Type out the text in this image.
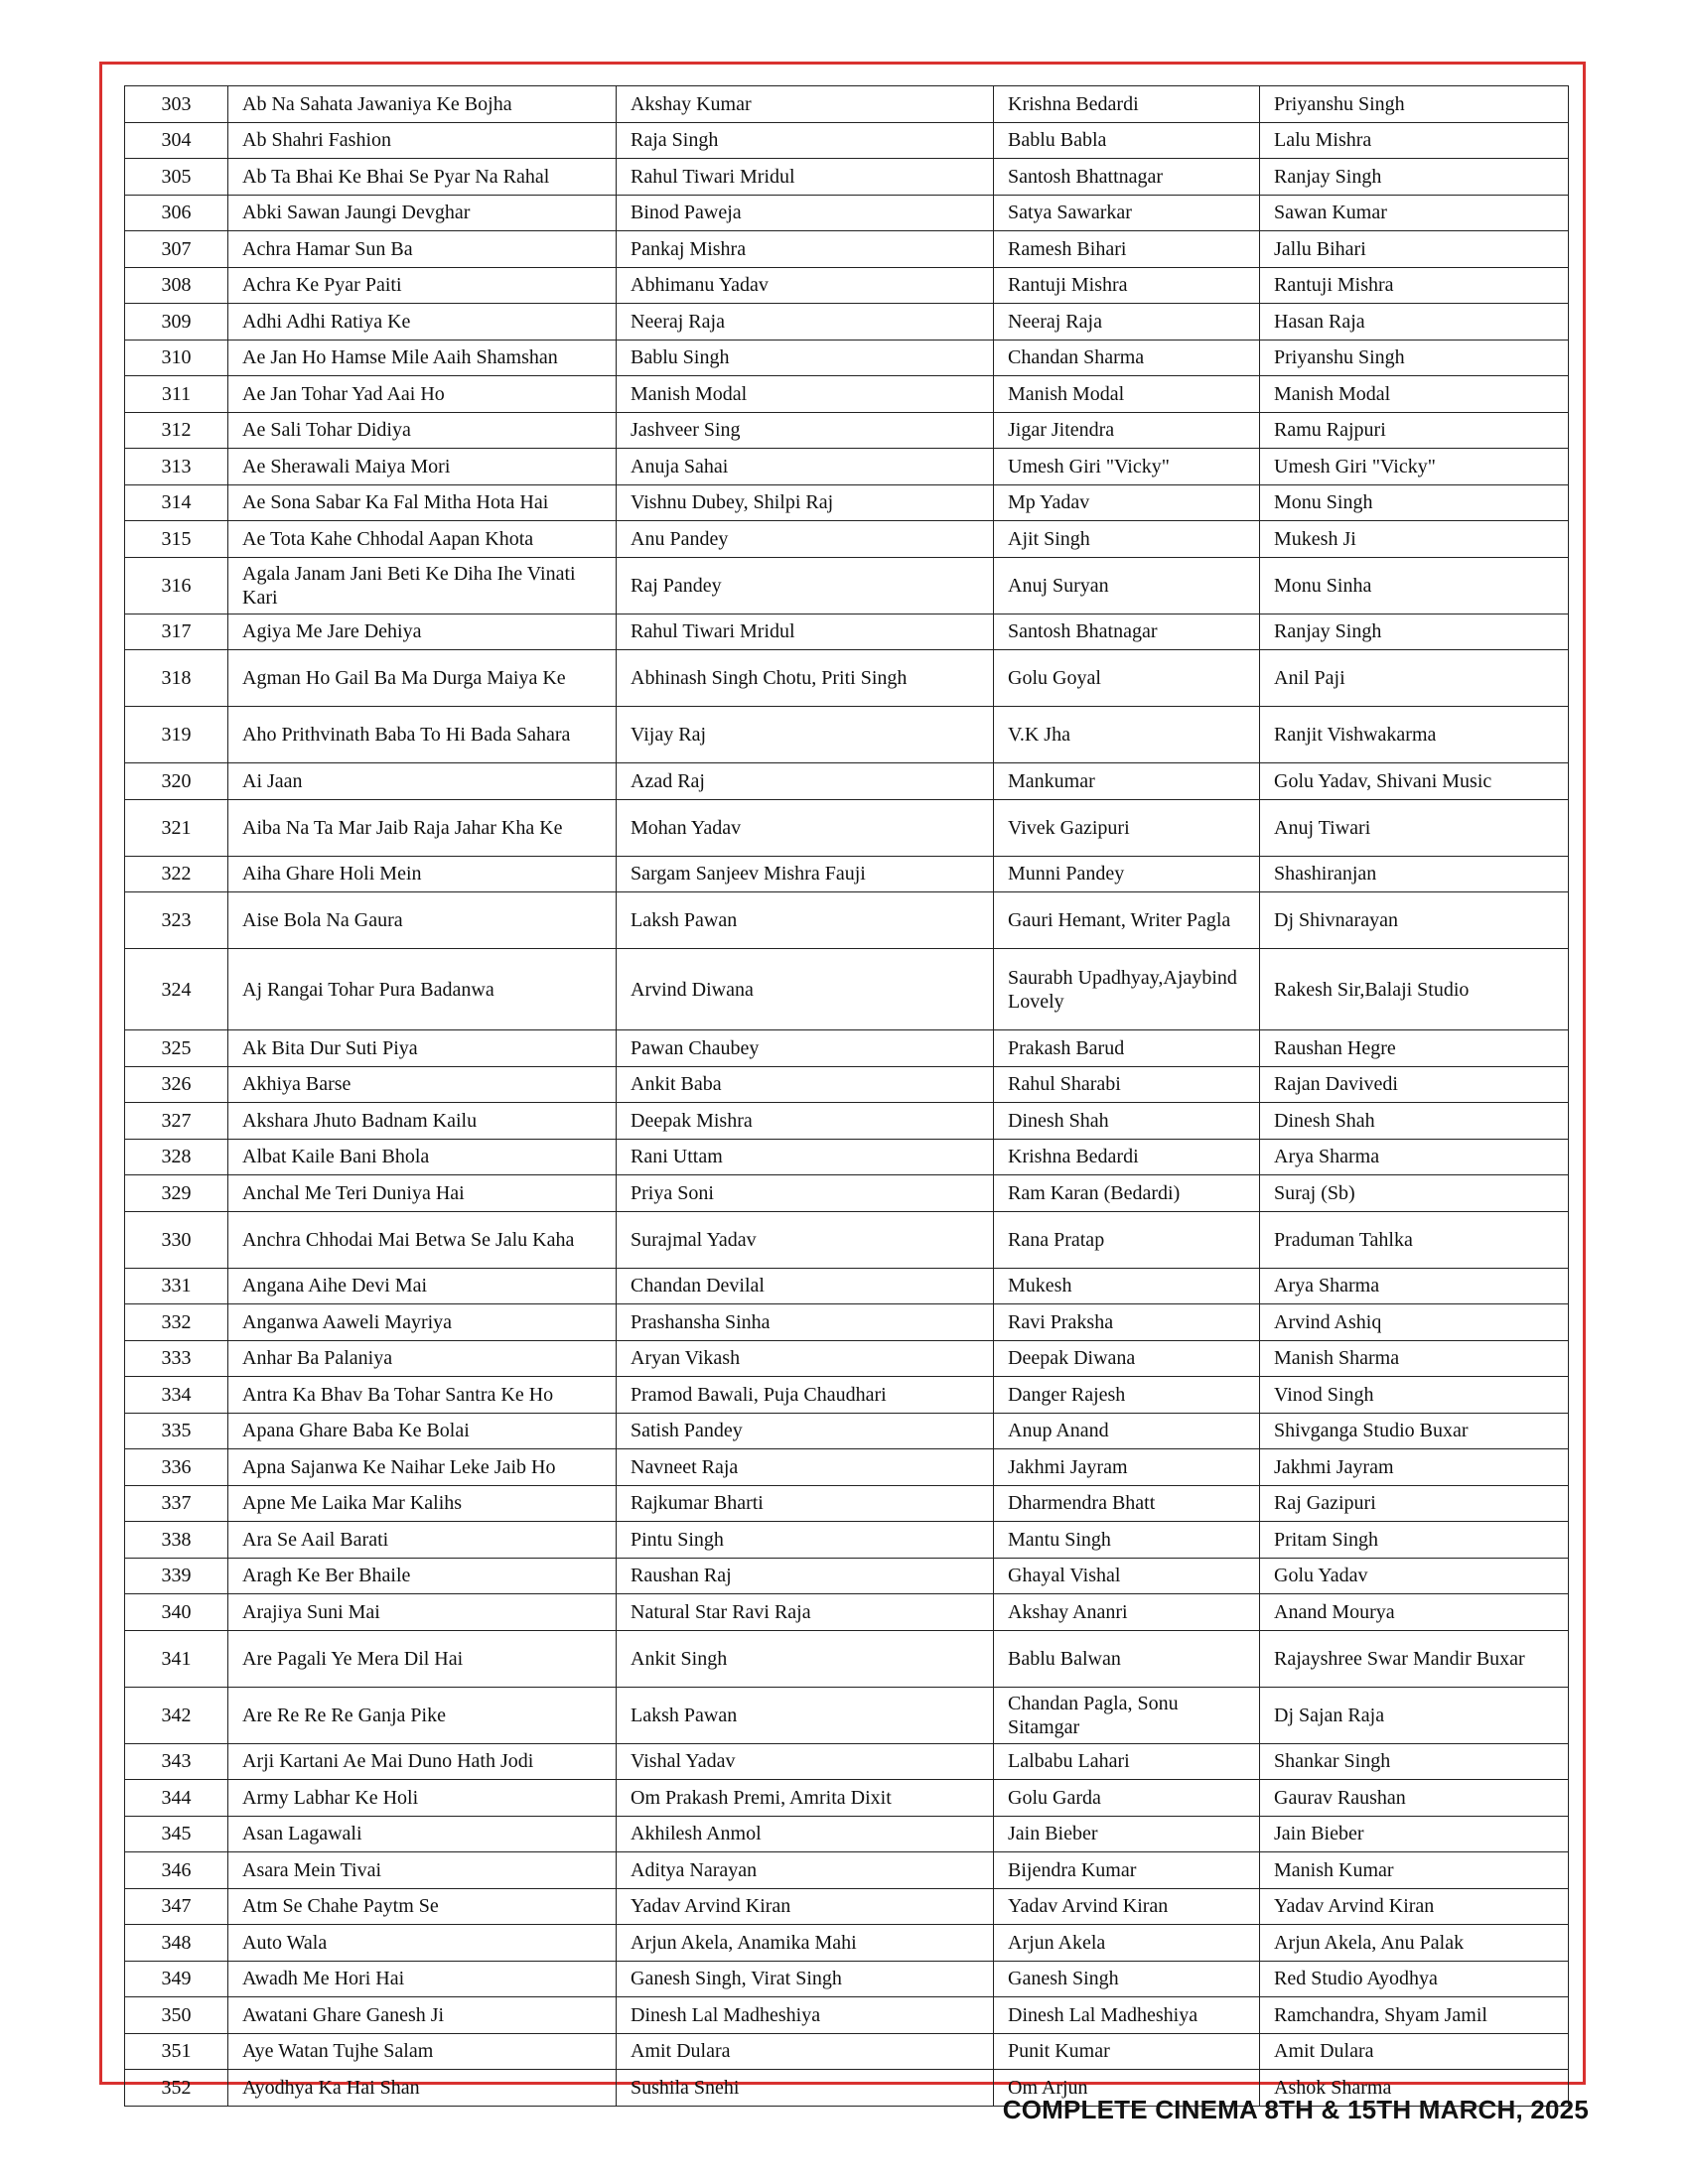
303	Ab Na Sahata Jawaniya Ke Bojha	Akshay Kumar	Krishna Bedardi	Priyanshu Singh
304	Ab Shahri Fashion	Raja Singh	Bablu Babla	Lalu Mishra
305	Ab Ta Bhai Ke Bhai Se Pyar Na Rahal	Rahul Tiwari Mridul	Santosh Bhattnagar	Ranjay Singh
306	Abki Sawan Jaungi Devghar	Binod Paweja	Satya Sawarkar	Sawan Kumar
307	Achra Hamar Sun Ba	Pankaj Mishra	Ramesh Bihari	Jallu Bihari
308	Achra Ke Pyar Paiti	Abhimanu Yadav	Rantuji Mishra	Rantuji Mishra
309	Adhi Adhi Ratiya Ke	Neeraj Raja	Neeraj Raja	Hasan Raja
310	Ae Jan Ho Hamse Mile Aaih Shamshan	Bablu Singh	Chandan Sharma	Priyanshu Singh
311	Ae Jan Tohar Yad Aai Ho	Manish Modal	Manish Modal	Manish Modal
312	Ae Sali Tohar Didiya	Jashveer Sing	Jigar Jitendra	Ramu Rajpuri
313	Ae Sherawali Maiya Mori	Anuja Sahai	Umesh Giri "Vicky"	Umesh Giri "Vicky"
314	Ae Sona Sabar Ka Fal Mitha Hota Hai	Vishnu Dubey, Shilpi Raj	Mp Yadav	Monu Singh
315	Ae Tota Kahe Chhodal Aapan Khota	Anu Pandey	Ajit Singh	Mukesh Ji
316	Agala Janam Jani Beti Ke Diha Ihe Vinati Kari	Raj Pandey	Anuj Suryan	Monu Sinha
317	Agiya Me Jare Dehiya	Rahul Tiwari Mridul	Santosh Bhatnagar	Ranjay Singh
318	Agman Ho Gail Ba Ma Durga Maiya Ke	Abhinash Singh Chotu, Priti Singh	Golu Goyal	Anil Paji
319	Aho Prithvinath Baba To Hi Bada Sahara	Vijay Raj	V.K Jha	Ranjit Vishwakarma
320	Ai Jaan	Azad Raj	Mankumar	Golu Yadav, Shivani Music
321	Aiba Na Ta Mar Jaib Raja Jahar Kha Ke	Mohan Yadav	Vivek Gazipuri	Anuj Tiwari
322	Aiha Ghare Holi Mein	Sargam Sanjeev Mishra Fauji	Munni Pandey	Shashiranjan
323	Aise Bola Na Gaura	Laksh Pawan	Gauri Hemant, Writer Pagla	Dj Shivnarayan
324	Aj Rangai Tohar Pura Badanwa	Arvind Diwana	Saurabh Upadhyay,Ajaybind Lovely	Rakesh Sir,Balaji Studio
325	Ak Bita Dur Suti Piya	Pawan Chaubey	Prakash Barud	Raushan Hegre
326	Akhiya Barse	Ankit Baba	Rahul Sharabi	Rajan Davivedi
327	Akshara Jhuto Badnam Kailu	Deepak Mishra	Dinesh Shah	Dinesh Shah
328	Albat Kaile Bani Bhola	Rani Uttam	Krishna Bedardi	Arya Sharma
329	Anchal Me Teri Duniya Hai	Priya Soni	Ram Karan (Bedardi)	Suraj (Sb)
330	Anchra Chhodai Mai Betwa Se Jalu Kaha	Surajmal Yadav	Rana Pratap	Praduman Tahlka
331	Angana Aihe Devi Mai	Chandan Devilal	Mukesh	Arya Sharma
332	Anganwa Aaweli Mayriya	Prashansha Sinha	Ravi Praksha	Arvind Ashiq
333	Anhar Ba Palaniya	Aryan Vikash	Deepak Diwana	Manish Sharma
334	Antra Ka Bhav Ba Tohar Santra Ke Ho	Pramod Bawali, Puja Chaudhari	Danger Rajesh	Vinod Singh
335	Apana Ghare Baba Ke Bolai	Satish Pandey	Anup Anand	Shivganga Studio Buxar
336	Apna Sajanwa Ke Naihar Leke Jaib Ho	Navneet Raja	Jakhmi Jayram	Jakhmi Jayram
337	Apne Me Laika Mar Kalihs	Rajkumar Bharti	Dharmendra Bhatt	Raj Gazipuri
338	Ara Se Aail Barati	Pintu Singh	Mantu Singh	Pritam Singh
339	Aragh Ke Ber Bhaile	Raushan Raj	Ghayal Vishal	Golu Yadav
340	Arajiya Suni Mai	Natural Star Ravi Raja	Akshay Ananri	Anand Mourya
341	Are Pagali Ye Mera Dil Hai	Ankit Singh	Bablu Balwan	Rajayshree Swar Mandir Buxar
342	Are Re Re Re Ganja Pike	Laksh Pawan	Chandan Pagla, Sonu Sitamgar	Dj Sajan Raja
343	Arji Kartani Ae Mai Duno Hath Jodi	Vishal Yadav	Lalbabu Lahari	Shankar Singh
344	Army Labhar Ke Holi	Om Prakash Premi, Amrita Dixit	Golu Garda	Gaurav Raushan
345	Asan Lagawali	Akhilesh Anmol	Jain Bieber	Jain Bieber
346	Asara Mein Tivai	Aditya Narayan	Bijendra Kumar	Manish Kumar
347	Atm Se Chahe Paytm Se	Yadav Arvind Kiran	Yadav Arvind Kiran	Yadav Arvind Kiran
348	Auto Wala	Arjun Akela, Anamika Mahi	Arjun Akela	Arjun Akela, Anu Palak
349	Awadh Me Hori Hai	Ganesh Singh, Virat Singh	Ganesh Singh	Red Studio Ayodhya
350	Awatani Ghare Ganesh Ji	Dinesh Lal Madheshiya	Dinesh Lal Madheshiya	Ramchandra, Shyam Jamil
351	Aye Watan Tujhe Salam	Amit Dulara	Punit Kumar	Amit Dulara
352	Ayodhya Ka Hai Shan	Sushila Snehi	Om Arjun	Ashok Sharma
COMPLETE CINEMA 8TH & 15TH MARCH, 2025
